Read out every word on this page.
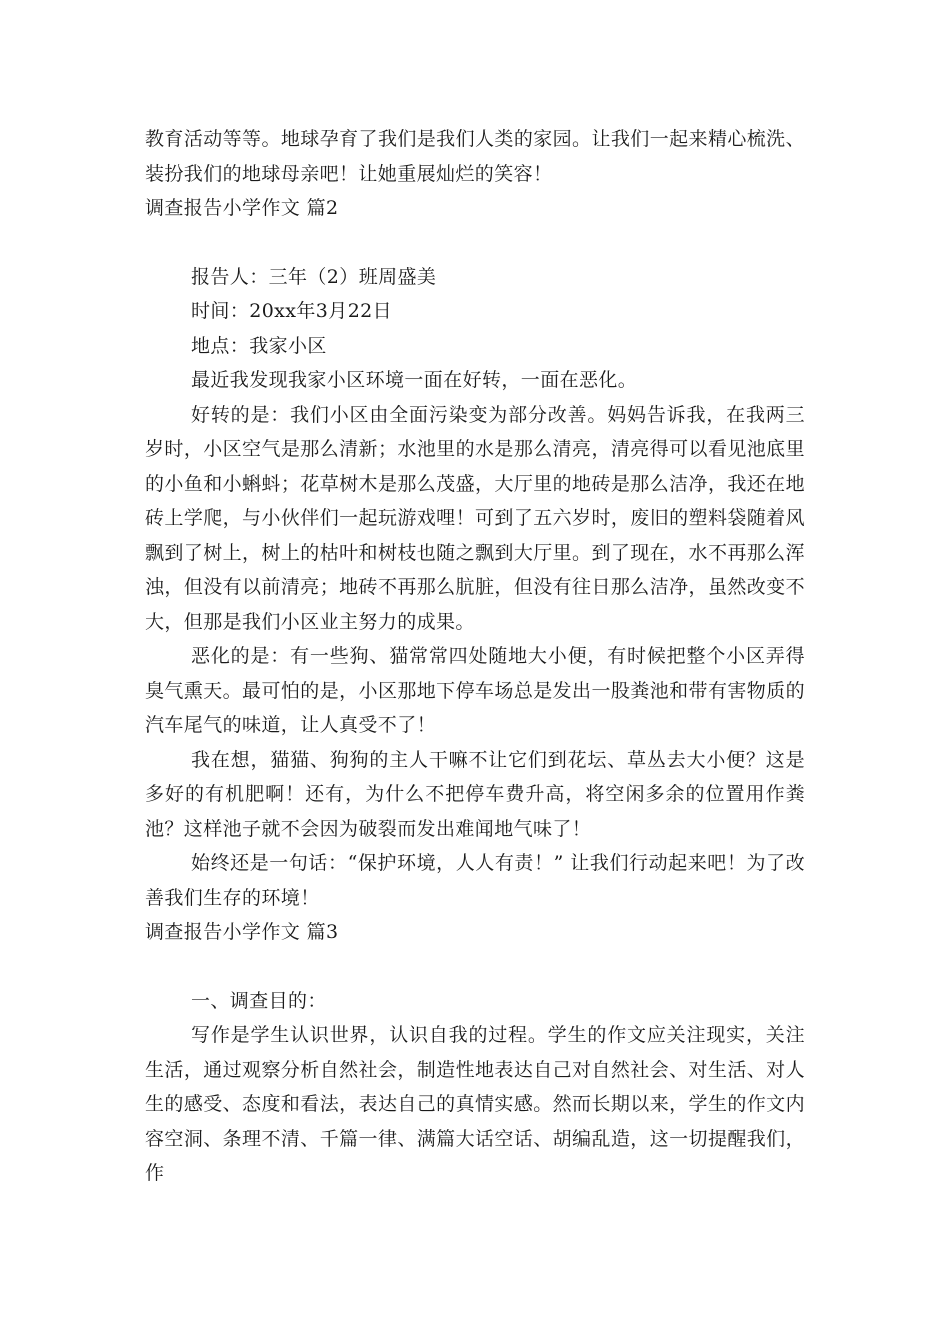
教育活动等等。地球孕育了我们是我们人类的家园。让我们一起来精心梳洗、装扮我们的地球母亲吧！让她重展灿烂的笑容！

调查报告小学作文 篇2

报告人：三年（2）班周盛美

时间：20xx年3月22日

地点：我家小区

最近我发现我家小区环境一面在好转，一面在恶化。

好转的是：我们小区由全面污染变为部分改善。妈妈告诉我，在我两三岁时，小区空气是那么清新；水池里的水是那么清亮，清亮得可以看见池底里的小鱼和小蝌蚪；花草树木是那么茂盛，大厅里的地砖是那么洁净，我还在地砖上学爬，与小伙伴们一起玩游戏哩！可到了五六岁时，废旧的塑料袋随着风飘到了树上，树上的枯叶和树枝也随之飘到大厅里。到了现在，水不再那么浑浊，但没有以前清亮；地砖不再那么肮脏，但没有往日那么洁净，虽然改变不大，但那是我们小区业主努力的成果。

恶化的是：有一些狗、猫常常四处随地大小便，有时候把整个小区弄得臭气熏天。最可怕的是，小区那地下停车场总是发出一股粪池和带有害物质的汽车尾气的味道，让人真受不了！

我在想，猫猫、狗狗的主人干嘛不让它们到花坛、草丛去大小便？这是多好的有机肥啊！还有，为什么不把停车费升高，将空闲多余的位置用作粪池？这样池子就不会因为破裂而发出难闻地气味了！

始终还是一句话：“保护环境，人人有责！” 让我们行动起来吧！为了改善我们生存的环境！

调查报告小学作文 篇3

一、调查目的：

写作是学生认识世界，认识自我的过程。学生的作文应关注现实，关注生活，通过观察分析自然社会，制造性地表达自己对自然社会、对生活、对人生的感受、态度和看法，表达自己的真情实感。然而长期以来，学生的作文内容空洞、条理不清、千篇一律、满篇大话空话、胡编乱造，这一切提醒我们，作
